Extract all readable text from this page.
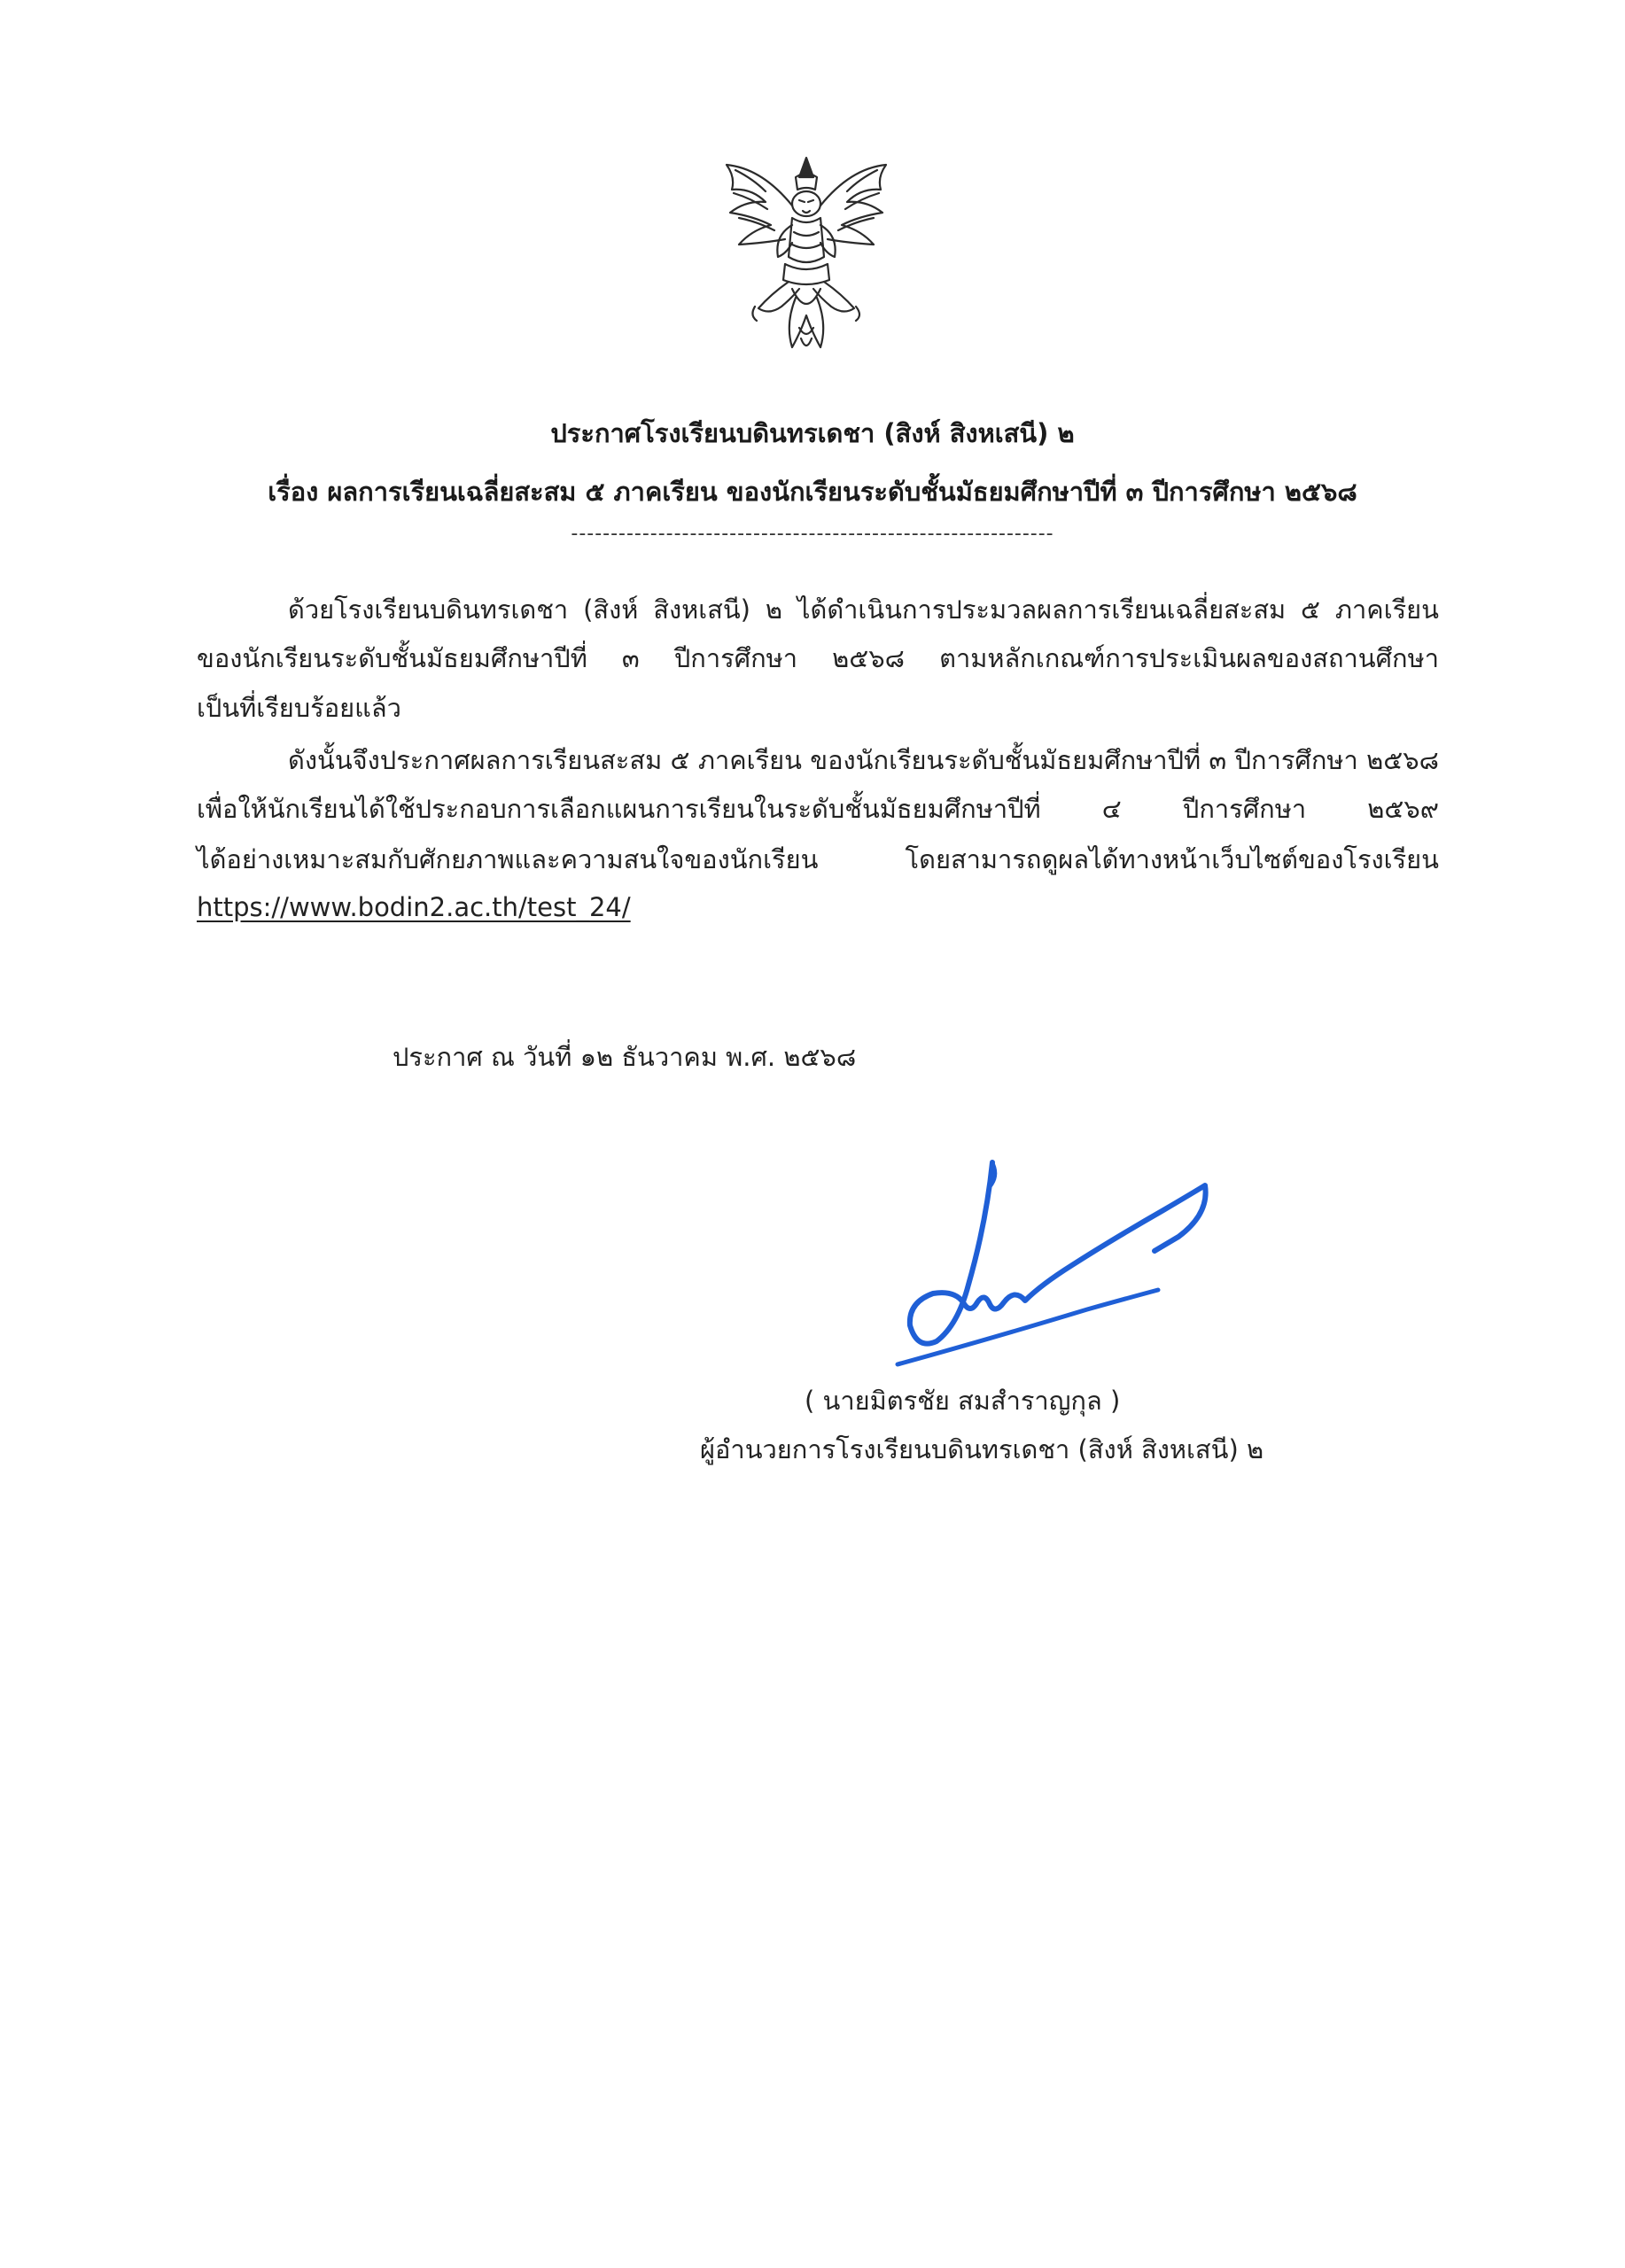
ประกาศโรงเรียนบดินทรเดชา (สิงห์ สิงหเสนี) ๒
เรื่อง ผลการเรียนเฉลี่ยสะสม ๕ ภาคเรียน ของนักเรียนระดับชั้นมัธยมศึกษาปีที่ ๓ ปีการศึกษา ๒๕๖๘
-------------------------------------------------------------
ด้วยโรงเรียนบดินทรเดชา (สิงห์ สิงหเสนี) ๒ ได้ดำเนินการประมวลผลการเรียนเฉลี่ยสะสม ๕ ภาคเรียน
ของนักเรียนระดับชั้นมัธยมศึกษาปีที่ ๓ ปีการศึกษา ๒๕๖๘ ตามหลักเกณฑ์การประเมินผลของสถานศึกษา
เป็นที่เรียบร้อยแล้ว
ดังนั้นจึงประกาศผลการเรียนสะสม ๕ ภาคเรียน ของนักเรียนระดับชั้นมัธยมศึกษาปีที่ ๓ ปีการศึกษา ๒๕๖๘
เพื่อให้นักเรียนได้ใช้ประกอบการเลือกแผนการเรียนในระดับชั้นมัธยมศึกษาปีที่ ๔ ปีการศึกษา ๒๕๖๙
ได้อย่างเหมาะสมกับศักยภาพและความสนใจของนักเรียน โดยสามารถดูผลได้ทางหน้าเว็บไซต์ของโรงเรียน
https://www.bodin2.ac.th/test_24/
ประกาศ ณ วันที่ ๑๒ ธันวาคม พ.ศ. ๒๕๖๘
( นายมิตรชัย สมสำราญกุล )
ผู้อำนวยการโรงเรียนบดินทรเดชา (สิงห์ สิงหเสนี) ๒
